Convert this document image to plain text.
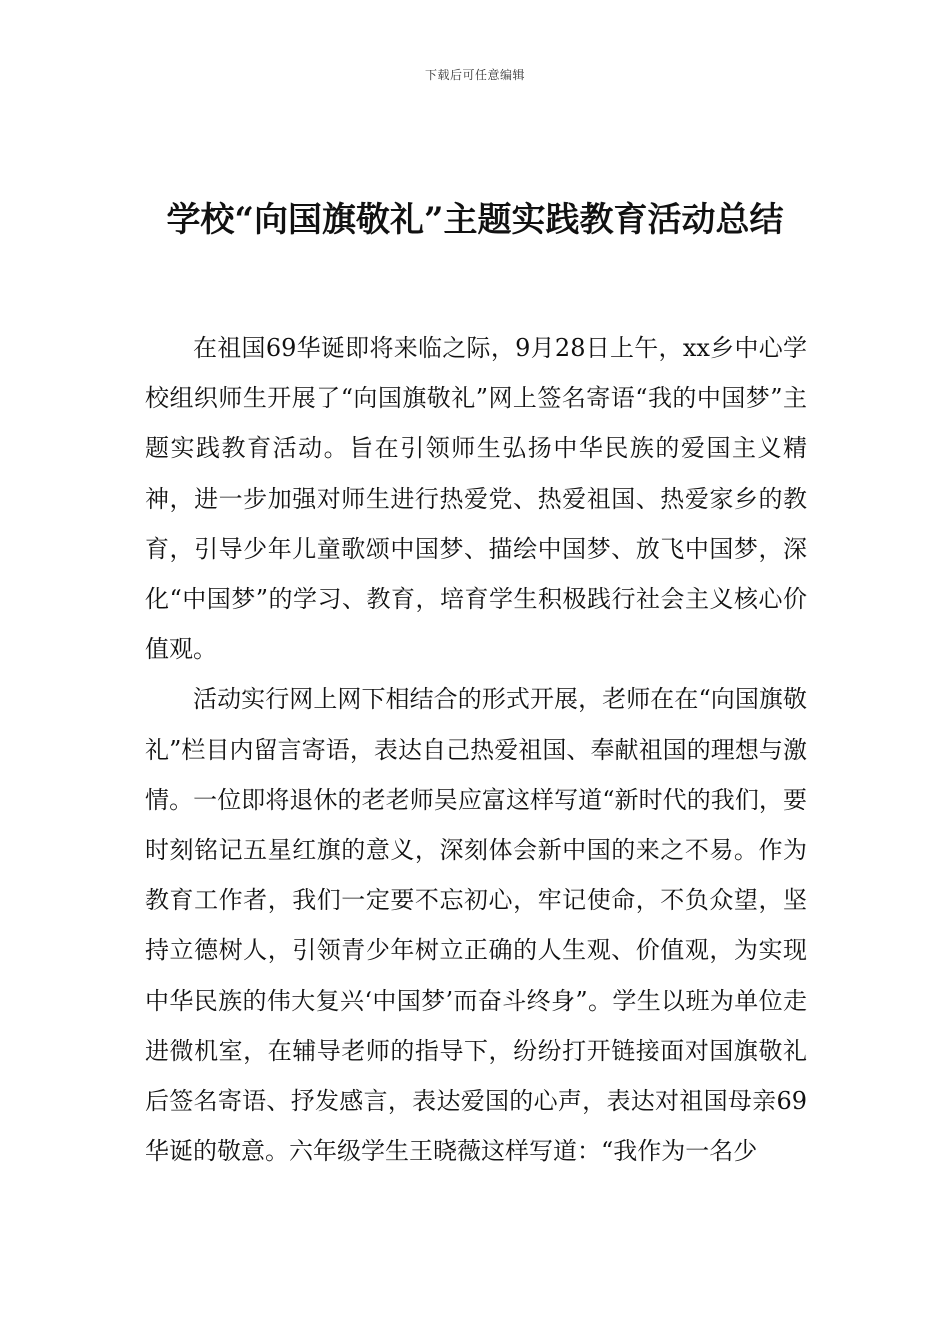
下载后可任意编辑
学校“向国旗敬礼”主题实践教育活动总结

在祖国69华诞即将来临之际，9月28日上午，xx乡中心学校组织师生开展了“向国旗敬礼”网上签名寄语“我的中国梦”主题实践教育活动。旨在引领师生弘扬中华民族的爱国主义精神，进一步加强对师生进行热爱党、热爱祖国、热爱家乡的教育，引导少年儿童歌颂中国梦、描绘中国梦、放飞中国梦，深化“中国梦”的学习、教育，培育学生积极践行社会主义核心价值观。

活动实行网上网下相结合的形式开展，老师在在“向国旗敬礼”栏目内留言寄语，表达自己热爱祖国、奉献祖国的理想与激情。一位即将退休的老老师吴应富这样写道“新时代的我们，要时刻铭记五星红旗的意义，深刻体会新中国的来之不易。作为教育工作者，我们一定要不忘初心，牢记使命，不负众望，坚持立德树人，引领青少年树立正确的人生观、价值观，为实现中华民族的伟大复兴‘中国梦’而奋斗终身”。学生以班为单位走进微机室，在辅导老师的指导下，纷纷打开链接面对国旗敬礼后签名寄语、抒发感言，表达爱国的心声，表达对祖国母亲69华诞的敬意。六年级学生王晓薇这样写道：“我作为一名少
